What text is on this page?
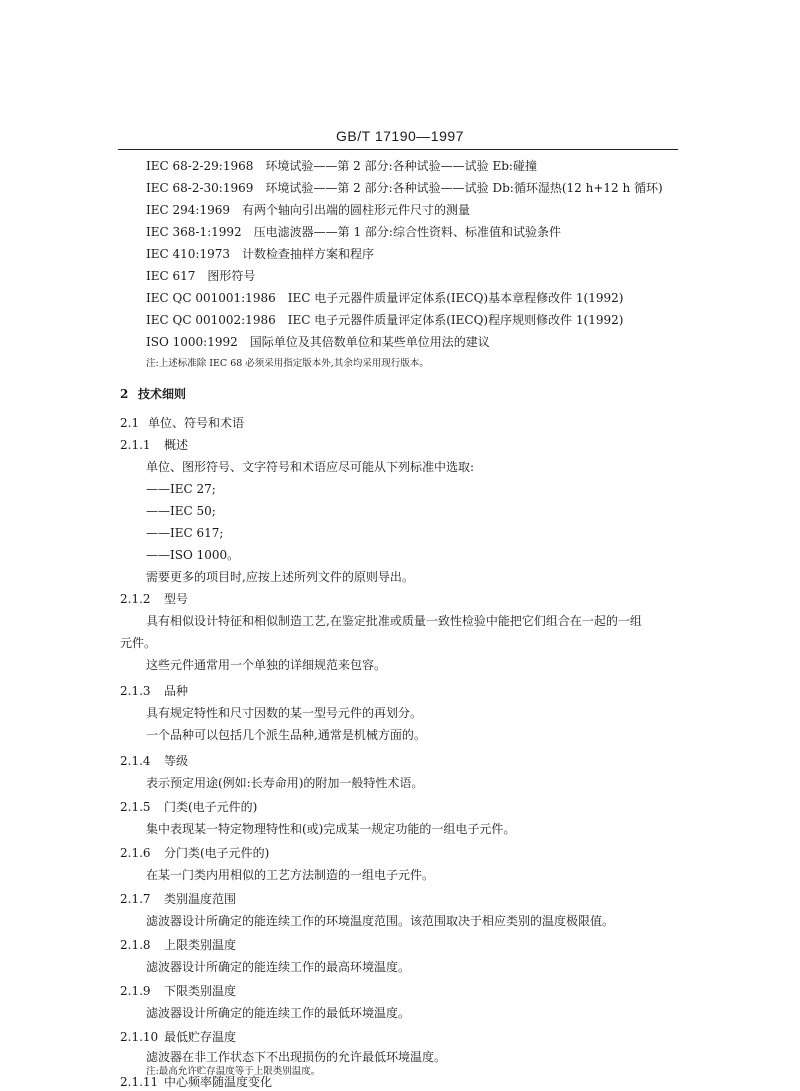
GB/T 17190—1997
IEC 68-2-29:1968　环境试验——第 2 部分:各种试验——试验 Eb:碰撞
IEC 68-2-30:1969　环境试验——第 2 部分:各种试验——试验 Db:循环湿热(12 h+12 h 循环)
IEC 294:1969　有两个轴向引出端的圆柱形元件尺寸的测量
IEC 368-1:1992　压电滤波器——第 1 部分:综合性资料、标准值和试验条件
IEC 410:1973　计数检查抽样方案和程序
IEC 617　图形符号
IEC QC 001001:1986　IEC 电子元器件质量评定体系(IECQ)基本章程修改件 1(1992)
IEC QC 001002:1986　IEC 电子元器件质量评定体系(IECQ)程序规则修改件 1(1992)
ISO 1000:1992　国际单位及其倍数单位和某些单位用法的建议
注:上述标准除 IEC 68 必须采用指定版本外,其余均采用现行版本。
2 技术细则
2.1 单位、符号和术语
2.1.1 概述
单位、图形符号、文字符号和术语应尽可能从下列标准中选取:
——IEC 27;
——IEC 50;
——IEC 617;
——ISO 1000。
需要更多的项目时,应按上述所列文件的原则导出。
2.1.2 型号
具有相似设计特征和相似制造工艺,在鉴定批准或质量一致性检验中能把它们组合在一起的一组
元件。
这些元件通常用一个单独的详细规范来包容。
2.1.3 品种
具有规定特性和尺寸因数的某一型号元件的再划分。
一个品种可以包括几个派生品种,通常是机械方面的。
2.1.4 等级
表示预定用途(例如:长寿命用)的附加一般特性术语。
2.1.5 门类(电子元件的)
集中表现某一特定物理特性和(或)完成某一规定功能的一组电子元件。
2.1.6 分门类(电子元件的)
在某一门类内用相似的工艺方法制造的一组电子元件。
2.1.7 类别温度范围
滤波器设计所确定的能连续工作的环境温度范围。该范围取决于相应类别的温度极限值。
2.1.8 上限类别温度
滤波器设计所确定的能连续工作的最高环境温度。
2.1.9 下限类别温度
滤波器设计所确定的能连续工作的最低环境温度。
2.1.10 最低贮存温度
滤波器在非工作状态下不出现损伤的允许最低环境温度。
注:最高允许贮存温度等于上限类别温度。
2.1.11 中心频率随温度变化
